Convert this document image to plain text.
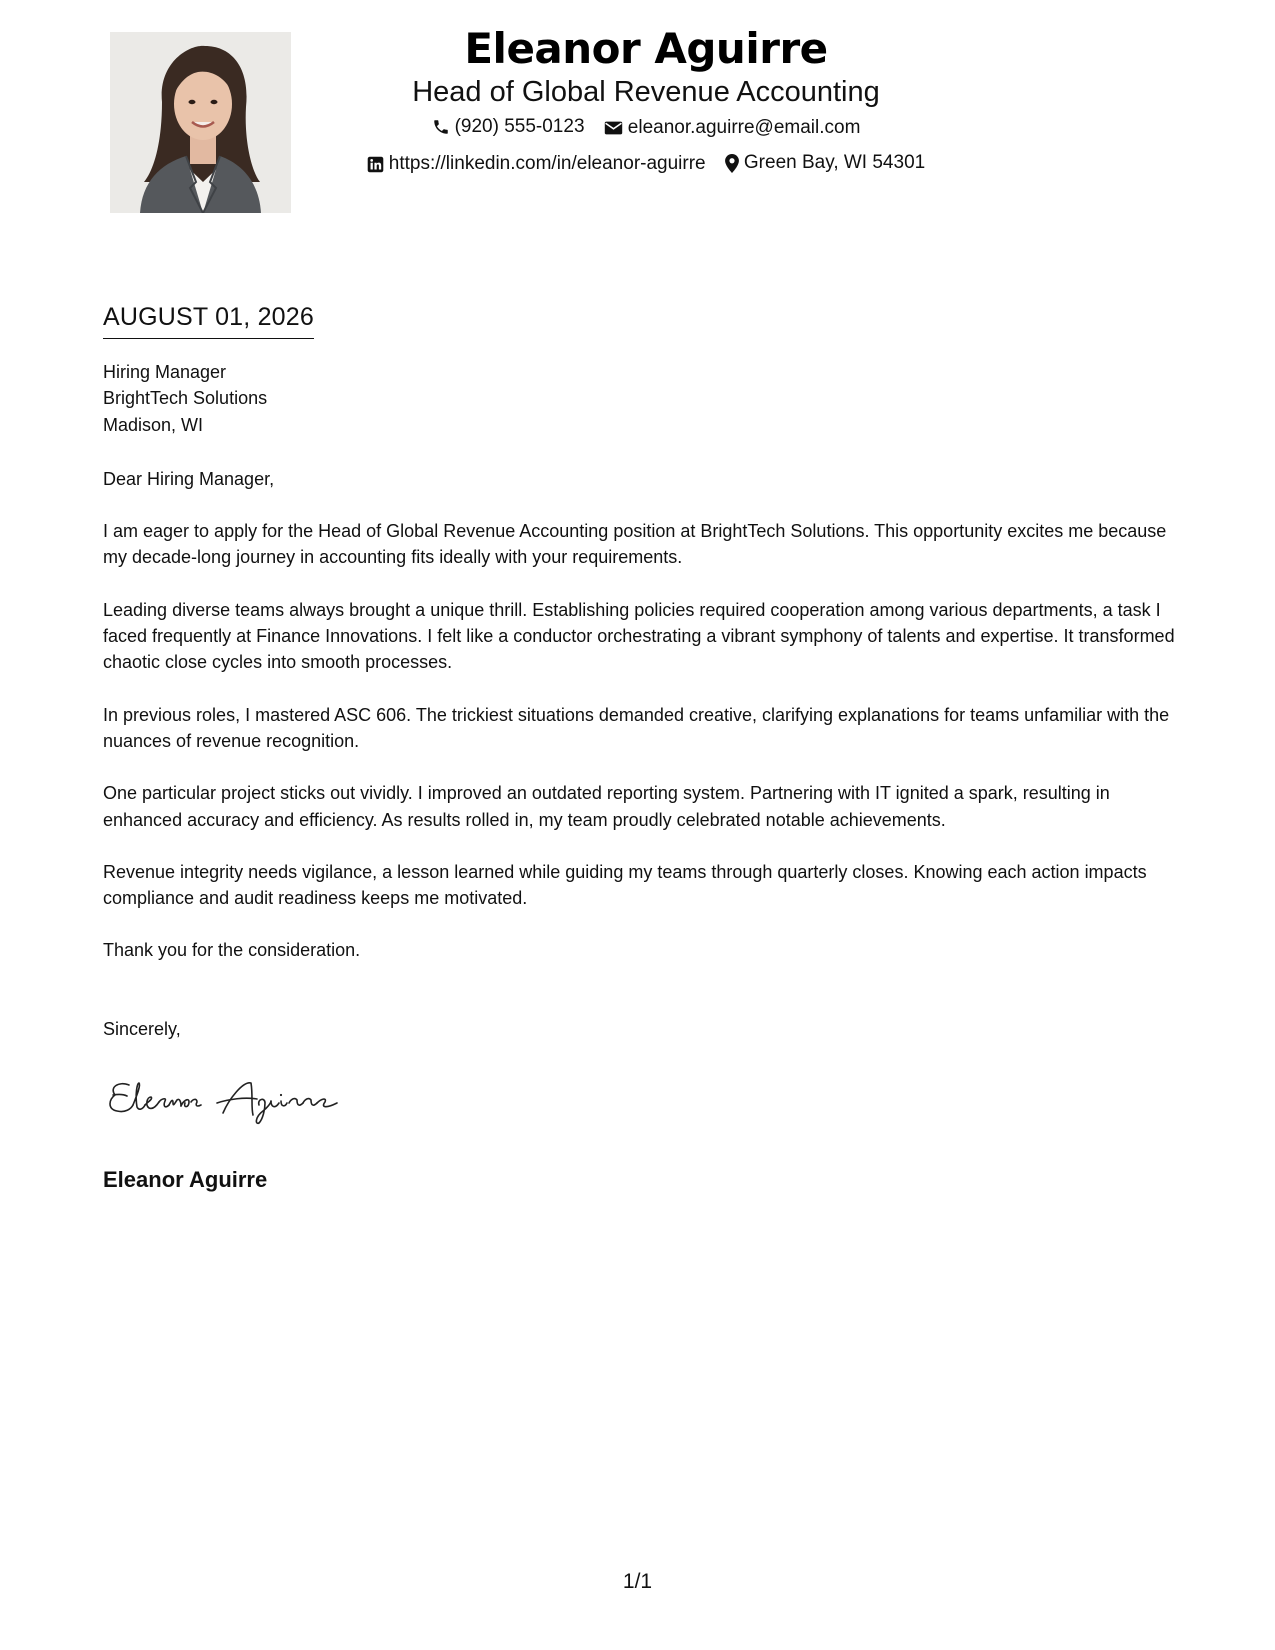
Eleanor Aguirre
Head of Global Revenue Accounting
(920) 555-0123
eleanor.aguirre@email.com
https://linkedin.com/in/eleanor-aguirre
Green Bay, WI 54301
AUGUST 01, 2026
Hiring Manager
BrightTech Solutions
Madison, WI

Dear Hiring Manager,

I am eager to apply for the Head of Global Revenue Accounting position at BrightTech Solutions. This opportunity excites me because my decade-long journey in accounting fits ideally with your requirements.

Leading diverse teams always brought a unique thrill. Establishing policies required cooperation among various departments, a task I faced frequently at Finance Innovations. I felt like a conductor orchestrating a vibrant symphony of talents and expertise. It transformed chaotic close cycles into smooth processes.

In previous roles, I mastered ASC 606. The trickiest situations demanded creative, clarifying explanations for teams unfamiliar with the nuances of revenue recognition.

One particular project sticks out vividly. I improved an outdated reporting system. Partnering with IT ignited a spark, resulting in enhanced accuracy and efficiency. As results rolled in, my team proudly celebrated notable achievements.

Revenue integrity needs vigilance, a lesson learned while guiding my teams through quarterly closes. Knowing each action impacts compliance and audit readiness keeps me motivated.

Thank you for the consideration.

Sincerely,

Eleanor Aguirre
1/1
